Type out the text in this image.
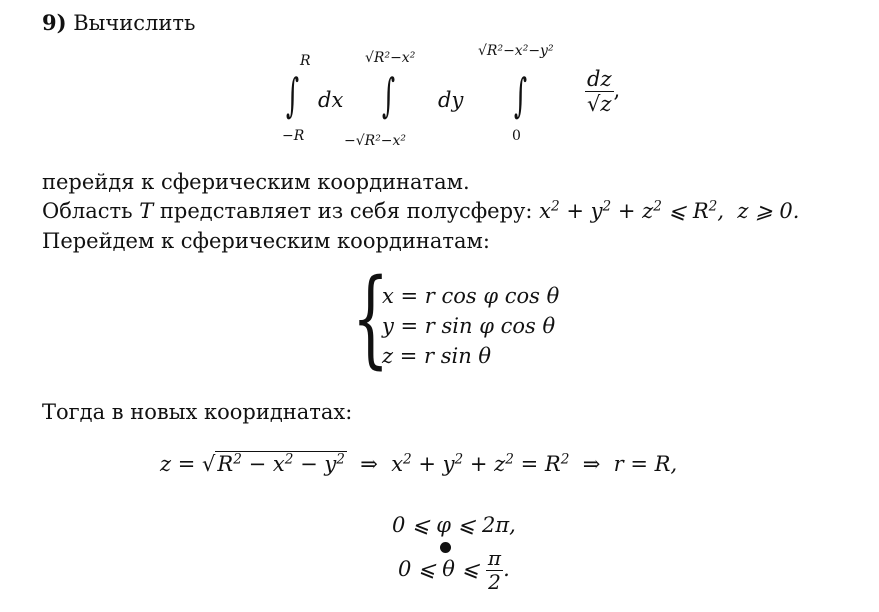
9) Вычислить
R
∫
−R
dx
√R²−x²
∫
−√R²−x²
dy
√R²−x²−y²
∫
0
$\frac{dz}{√z}$ ,
перейдя к сферическим координатам.
Область T представляет из себя полусферу: $x^2 + y^2 + z^2$ ⩽ $R^2$,  z ⩾ 0.
Перейдем к сферическим координатам:
{
x = r cos φ cos θ
y = r sin φ cos θ
z = r sin θ
Тогда в новых коориднатах:
$z = √R^2 - x^2 - y^2$  ⇒  $x^2 + y^2 + z^2 = R^2$  ⇒  r = R,
0 ⩽ φ ⩽ 2π,
0 ⩽ θ ⩽ $\frac{\pi}{2}$ .
